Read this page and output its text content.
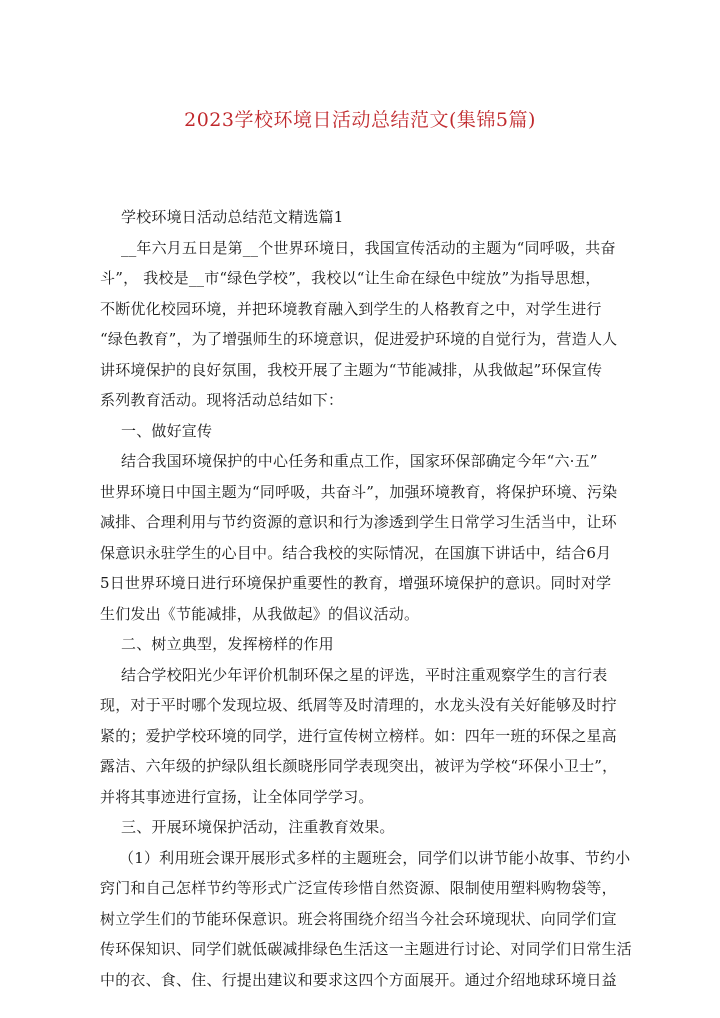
2023学校环境日活动总结范文(集锦5篇)
学校环境日活动总结范文精选篇1
__年六月五日是第__个世界环境日，我国宣传活动的主题为“同呼吸，共奋
斗”， 我校是__市“绿色学校”，我校以“让生命在绿色中绽放”为指导思想，
不断优化校园环境，并把环境教育融入到学生的人格教育之中，对学生进行
“绿色教育”，为了增强师生的环境意识，促进爱护环境的自觉行为，营造人人
讲环境保护的良好氛围，我校开展了主题为“节能减排，从我做起”环保宣传
系列教育活动。现将活动总结如下：
一、做好宣传
结合我国环境保护的中心任务和重点工作，国家环保部确定今年“六·五”
世界环境日中国主题为“同呼吸，共奋斗”，加强环境教育，将保护环境、污染
减排、合理利用与节约资源的意识和行为渗透到学生日常学习生活当中，让环
保意识永驻学生的心目中。结合我校的实际情况，在国旗下讲话中，结合6月
5日世界环境日进行环境保护重要性的教育，增强环境保护的意识。同时对学
生们发出《节能减排，从我做起》的倡议活动。
二、树立典型，发挥榜样的作用
结合学校阳光少年评价机制环保之星的评选，平时注重观察学生的言行表
现，对于平时哪个发现垃圾、纸屑等及时清理的，水龙头没有关好能够及时拧
紧的；爱护学校环境的同学，进行宣传树立榜样。如：四年一班的环保之星高
露洁、六年级的护绿队组长颜晓彤同学表现突出，被评为学校“环保小卫士”，
并将其事迹进行宣扬，让全体同学学习。
三、开展环境保护活动，注重教育效果。
（1）利用班会课开展形式多样的主题班会，同学们以讲节能小故事、节约小
窍门和自己怎样节约等形式广泛宣传珍惜自然资源、限制使用塑料购物袋等，
树立学生们的节能环保意识。班会将围绕介绍当今社会环境现状、向同学们宣
传环保知识、同学们就低碳减排绿色生活这一主题进行讨论、对同学们日常生活
中的衣、食、住、行提出建议和要求这四个方面展开。通过介绍地球环境日益
